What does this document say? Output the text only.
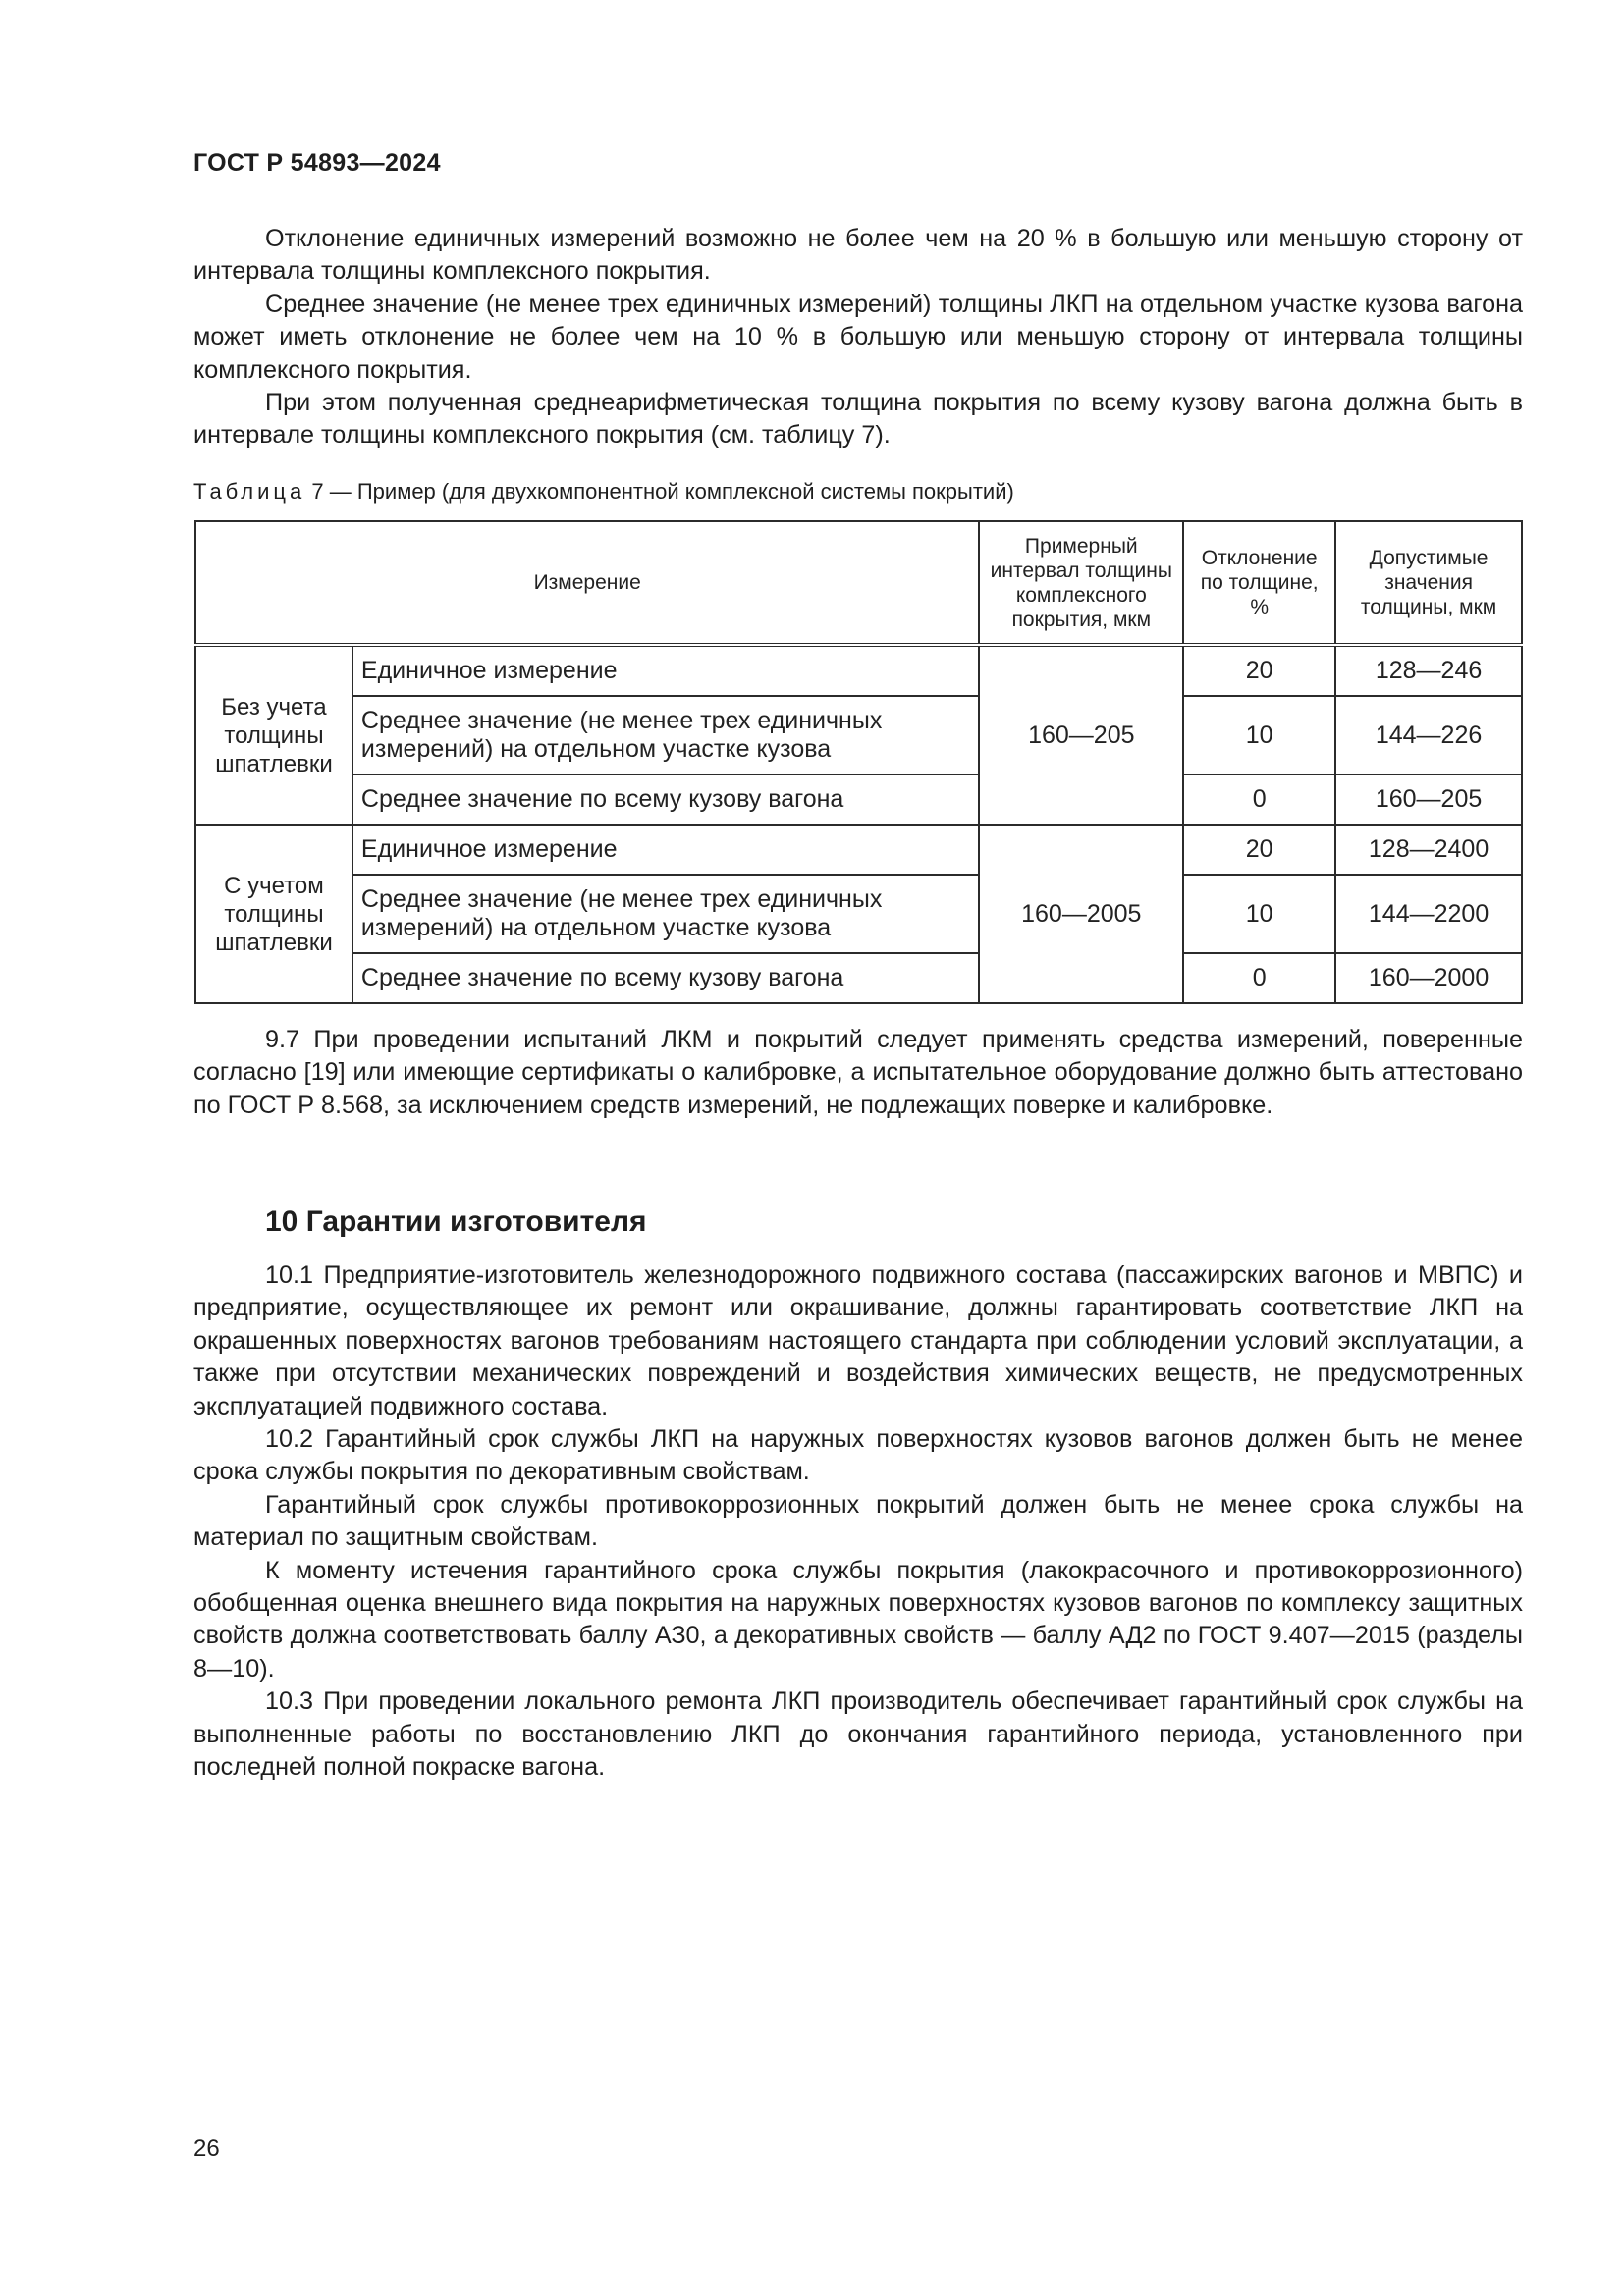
ГОСТ Р 54893—2024

Отклонение единичных измерений возможно не более чем на 20 % в большую или меньшую сторону от интервала толщины комплексного покрытия.

Среднее значение (не менее трех единичных измерений) толщины ЛКП на отдельном участке кузова вагона может иметь отклонение не более чем на 10 % в большую или меньшую сторону от интервала толщины комплексного покрытия.

При этом полученная среднеарифметическая толщина покрытия по всему кузову вагона должна быть в интервале толщины комплексного покрытия (см. таблицу 7).

Таблица 7 — Пример (для двухкомпонентной комплексной системы покрытий)
Измерение		Примерный интервал толщины комплексного покрытия, мкм	Отклонение по толщине, %	Допустимые значения толщины, мкм
Без учета толщины шпатлевки	Единичное измерение	160—205	20	128—246
	Среднее значение (не менее трех единичных измерений) на отдельном участке кузова		10	144—226
	Среднее значение по всему кузову вагона		0	160—205
С учетом толщины шпатлевки	Единичное измерение	160—2005	20	128—2400
	Среднее значение (не менее трех единичных измерений) на отдельном участке кузова		10	144—2200
	Среднее значение по всему кузову вагона		0	160—2000

9.7 При проведении испытаний ЛКМ и покрытий следует применять средства измерений, поверенные согласно [19] или имеющие сертификаты о калибровке, а испытательное оборудование должно быть аттестовано по ГОСТ Р 8.568, за исключением средств измерений, не подлежащих поверке и калибровке.

10 Гарантии изготовителя

10.1 Предприятие-изготовитель железнодорожного подвижного состава (пассажирских вагонов и МВПС) и предприятие, осуществляющее их ремонт или окрашивание, должны гарантировать соответствие ЛКП на окрашенных поверхностях вагонов требованиям настоящего стандарта при соблюдении условий эксплуатации, а также при отсутствии механических повреждений и воздействия химических веществ, не предусмотренных эксплуатацией подвижного состава.

10.2 Гарантийный срок службы ЛКП на наружных поверхностях кузовов вагонов должен быть не менее срока службы покрытия по декоративным свойствам.

Гарантийный срок службы противокоррозионных покрытий должен быть не менее срока службы на материал по защитным свойствам.

К моменту истечения гарантийного срока службы покрытия (лакокрасочного и противокоррозионного) обобщенная оценка внешнего вида покрытия на наружных поверхностях кузовов вагонов по комплексу защитных свойств должна соответствовать баллу АЗ0, а декоративных свойств — баллу АД2 по ГОСТ 9.407—2015 (разделы 8—10).

10.3 При проведении локального ремонта ЛКП производитель обеспечивает гарантийный срок службы на выполненные работы по восстановлению ЛКП до окончания гарантийного периода, установленного при последней полной покраске вагона.

26
